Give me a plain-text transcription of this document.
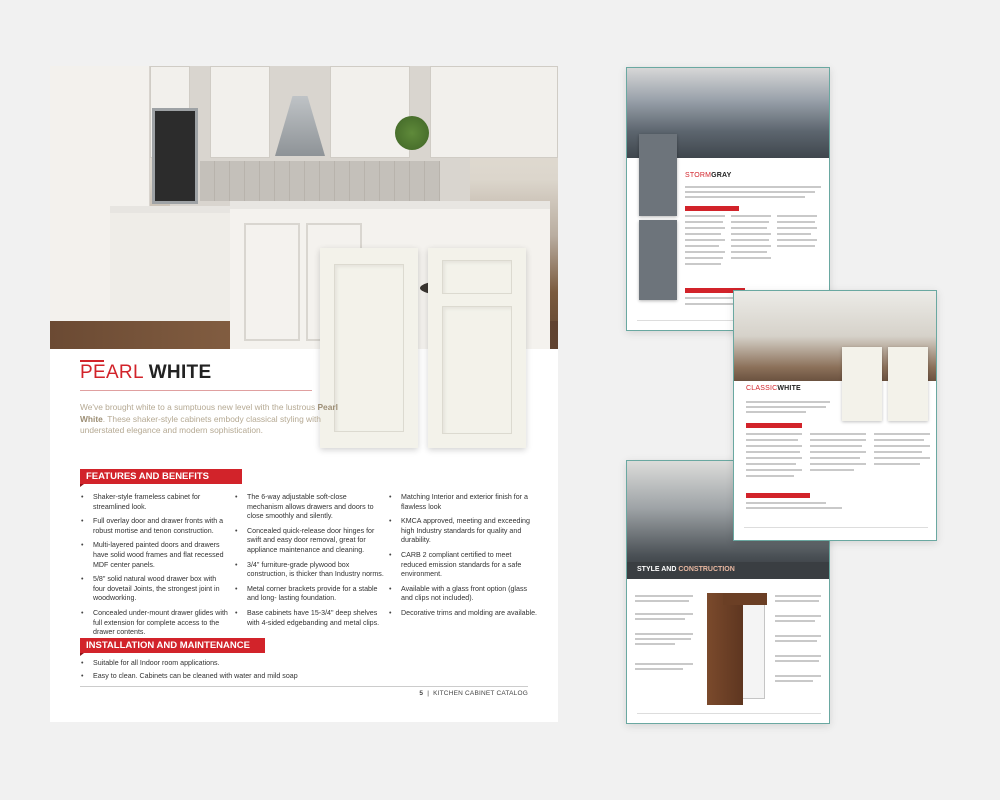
PEARL WHITE

We've brought white to a sumptuous new level with the lustrous Pearl White. These shaker-style cabinets embody classical styling with understated elegance and modern sophistication.

FEATURES AND BENEFITS
• Shaker-style frameless cabinet for streamlined look.
• Full overlay door and drawer fronts with a robust mortise and tenon construction.
• Multi-layered painted doors and drawers have solid wood frames and flat recessed MDF center panels.
• 5/8" solid natural wood drawer box with four dovetail Joints, the strongest joint in woodworking.
• Concealed under-mount drawer glides with full extension for complete access to the drawer contents.
• The 6-way adjustable soft-close mechanism allows drawers and doors to close smoothly and silently.
• Concealed quick-release door hinges for swift and easy door removal, great for appliance maintenance and cleaning.
• 3/4" furniture-grade plywood box construction, is thicker than Industry norms.
• Metal corner brackets provide for a stable and long- lasting foundation.
• Base cabinets have 15-3/4" deep shelves with 4-sided edgebanding and metal clips.
• Matching Interior and exterior finish for a flawless look
• KMCA approved, meeting and exceeding high Industry standards for quality and durability.
• CARB 2 compliant certified to meet reduced emission standards for a safe environment.
• Available with a glass front option (glass and clips not included).
• Decorative trims and molding are available.
INSTALLATION AND MAINTENANCE
• Suitable for all Indoor room applications.
• Easy to clean. Cabinets can be cleaned with water and mild soap
5 | KITCHEN CABINET CATALOG
STORMGRAY
STYLE AND CONSTRUCTION
CLASSICWHITE
